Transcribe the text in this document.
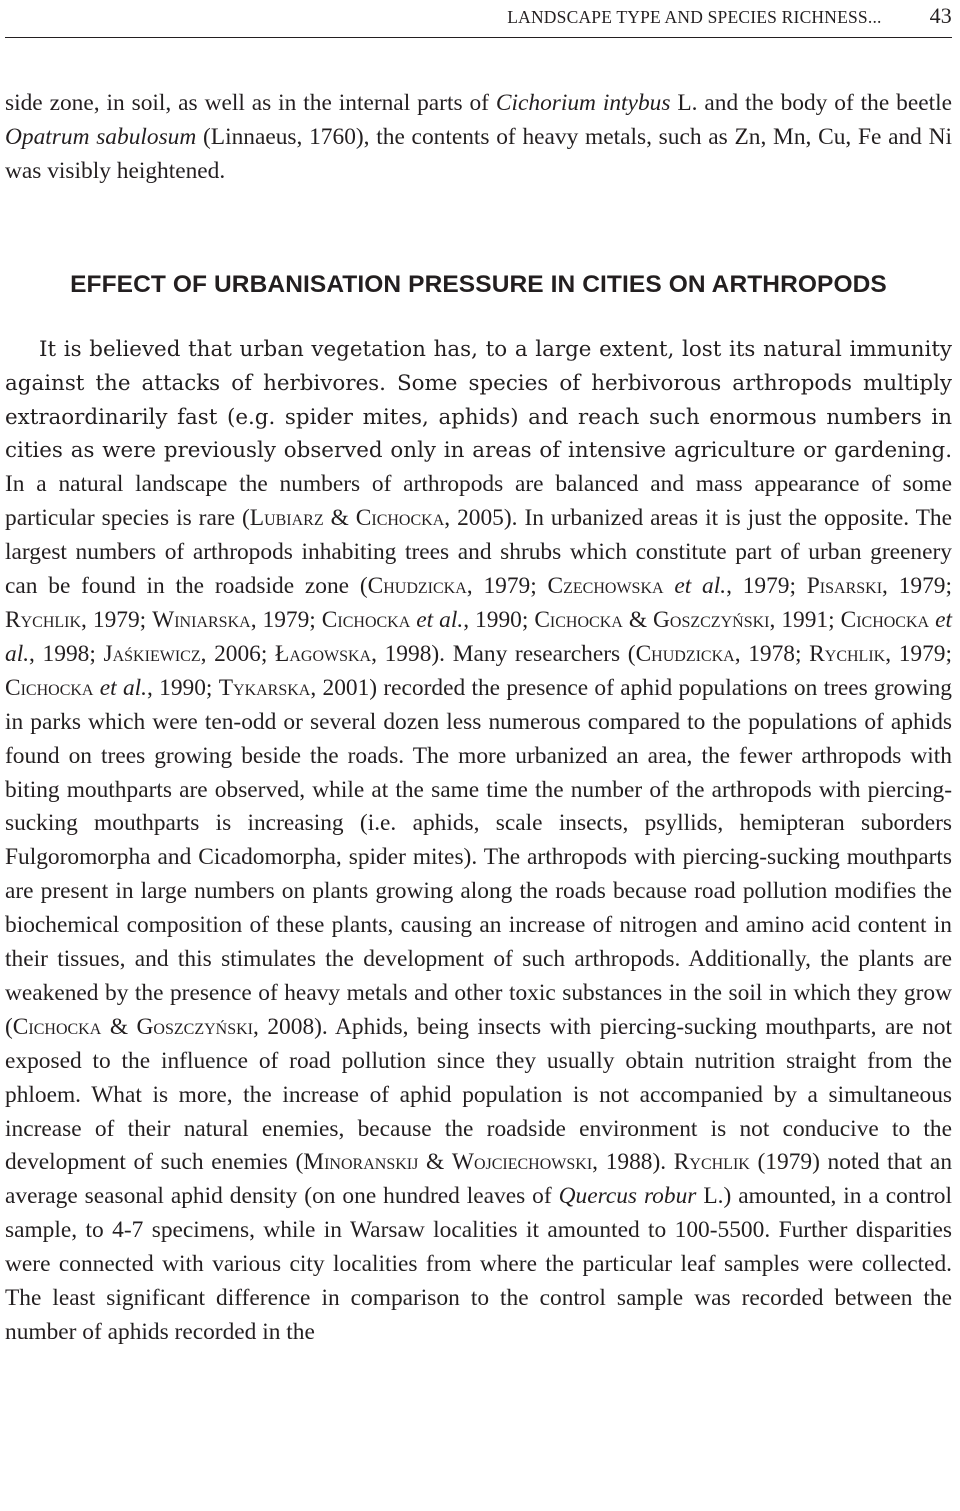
LANDSCAPE TYPE AND SPECIES RICHNESS... 43

side zone, in soil, as well as in the internal parts of Cichorium intybus L. and the body of the beetle Opatrum sabulosum (Linnaeus, 1760), the contents of heavy metals, such as Zn, Mn, Cu, Fe and Ni was visibly heightened.

EFFECT OF URBANISATION PRESSURE IN CITIES ON ARTHROPODS

It is believed that urban vegetation has, to a large extent, lost its natural immunity against the attacks of herbivores. Some species of herbivorous arthropods multiply extraordinarily fast (e.g. spider mites, aphids) and reach such enormous numbers in cities as were previously observed only in areas of intensive agriculture or gardening. In a natural landscape the numbers of arthropods are balanced and mass appearance of some particular species is rare (Lubiarz & Cichocka, 2005). In urbanized areas it is just the opposite. The largest numbers of arthropods inhabiting trees and shrubs which constitute part of urban greenery can be found in the roadside zone (Chudzicka, 1979; Czechowska et al., 1979; Pisarski, 1979; Rychlik, 1979; Winiarska, 1979; Cichocka et al., 1990; Cichocka & Goszczyński, 1991; Cichocka et al., 1998; Jaśkiewicz, 2006; Łagowska, 1998). Many researchers (Chudzicka, 1978; Rychlik, 1979; Cichocka et al., 1990; Tykarska, 2001) recorded the presence of aphid populations on trees growing in parks which were ten-odd or several dozen less numerous compared to the populations of aphids found on trees growing beside the roads. The more urbanized an area, the fewer arthropods with biting mouthparts are observed, while at the same time the number of the arthropods with piercing-sucking mouthparts is increasing (i.e. aphids, scale insects, psyllids, hemipteran suborders Fulgoromorpha and Cicadomorpha, spider mites). The arthropods with piercing-sucking mouthparts are present in large numbers on plants growing along the roads because road pollution modifies the biochemical composition of these plants, causing an increase of nitrogen and amino acid content in their tissues, and this stimulates the development of such arthropods. Additionally, the plants are weakened by the presence of heavy metals and other toxic substances in the soil in which they grow (Cichocka & Goszczyński, 2008). Aphids, being insects with piercing-sucking mouthparts, are not exposed to the influence of road pollution since they usually obtain nutrition straight from the phloem. What is more, the increase of aphid population is not accompanied by a simultaneous increase of their natural enemies, because the roadside environment is not conducive to the development of such enemies (Minoranskij & Wojciechowski, 1988). Rychlik (1979) noted that an average seasonal aphid density (on one hundred leaves of Quercus robur L.) amounted, in a control sample, to 4-7 specimens, while in Warsaw localities it amounted to 100-5500. Further disparities were connected with various city localities from where the particular leaf samples were collected. The least significant difference in comparison to the control sample was recorded between the number of aphids recorded in the
